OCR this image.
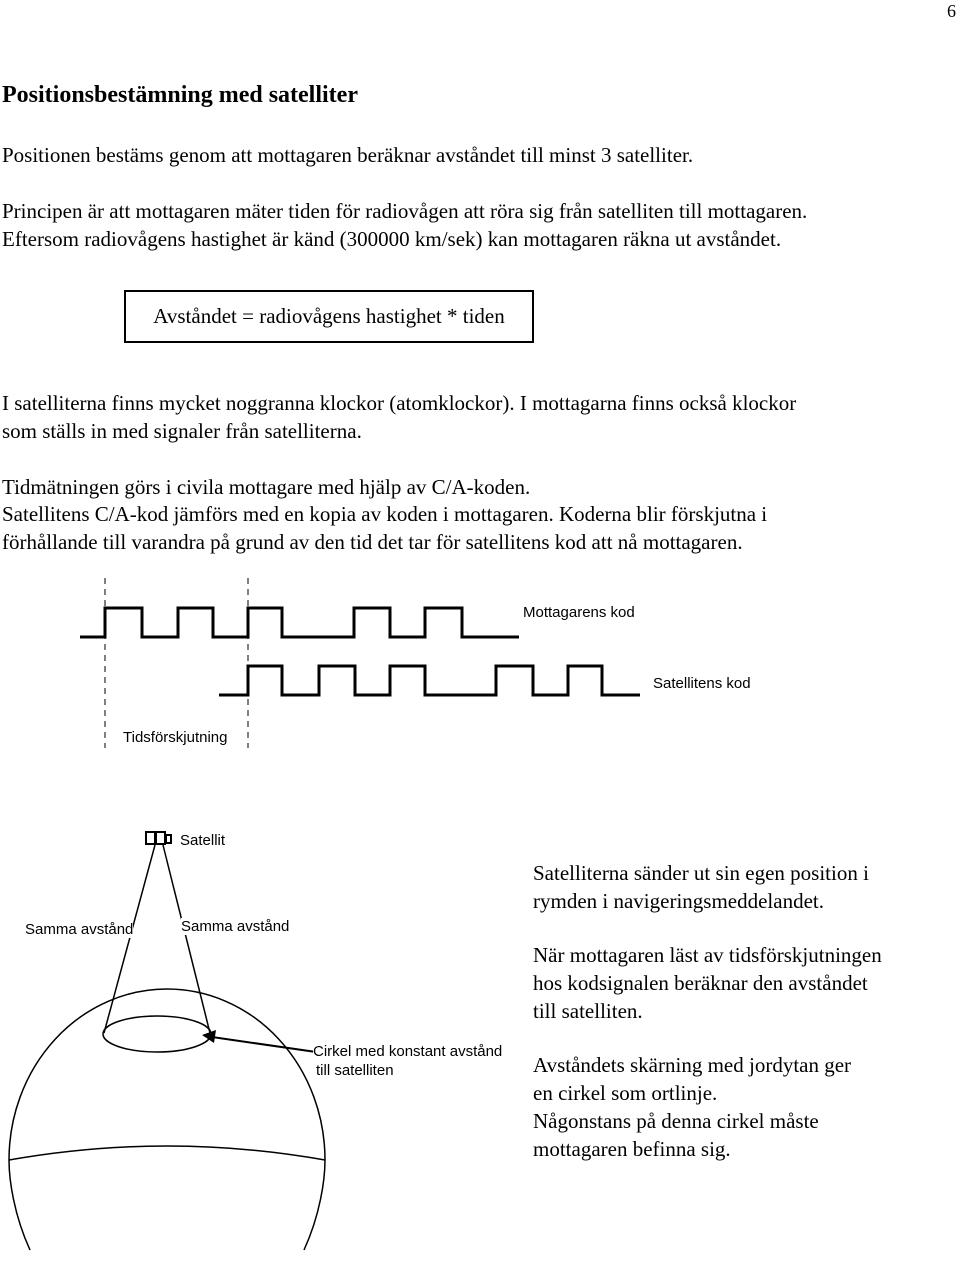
6
Positionsbestämning med satelliter
Positionen bestäms genom att mottagaren beräknar avståndet till minst 3 satelliter.
Principen är att mottagaren mäter tiden för radiovågen att röra sig från satelliten till mottagaren.
Eftersom radiovågens hastighet är känd (300000 km/sek) kan mottagaren räkna ut avståndet.
Avståndet = radiovågens hastighet * tiden
I satelliterna finns mycket noggranna klockor (atomklockor). I mottagarna finns också klockor
som ställs in med signaler från satelliterna.
Tidmätningen görs i civila mottagare med hjälp av C/A-koden.
Satellitens C/A-kod jämförs med en kopia av koden i mottagaren. Koderna blir förskjutna i
förhållande till varandra på grund av den tid det tar för satellitens kod att nå mottagaren.
Mottagarens kod
Satellitens kod
Tidsförskjutning
Satellit
Samma avstånd	Samma avstånd
Cirkel med konstant avstånd
till satelliten
Satelliterna sänder ut sin egen position i
rymden i navigeringsmeddelandet.
När mottagaren läst av tidsförskjutningen
hos kodsignalen beräknar den avståndet
till satelliten.
Avståndets skärning med jordytan ger
en cirkel som ortlinje.
Någonstans på denna cirkel måste
mottagaren befinna sig.
